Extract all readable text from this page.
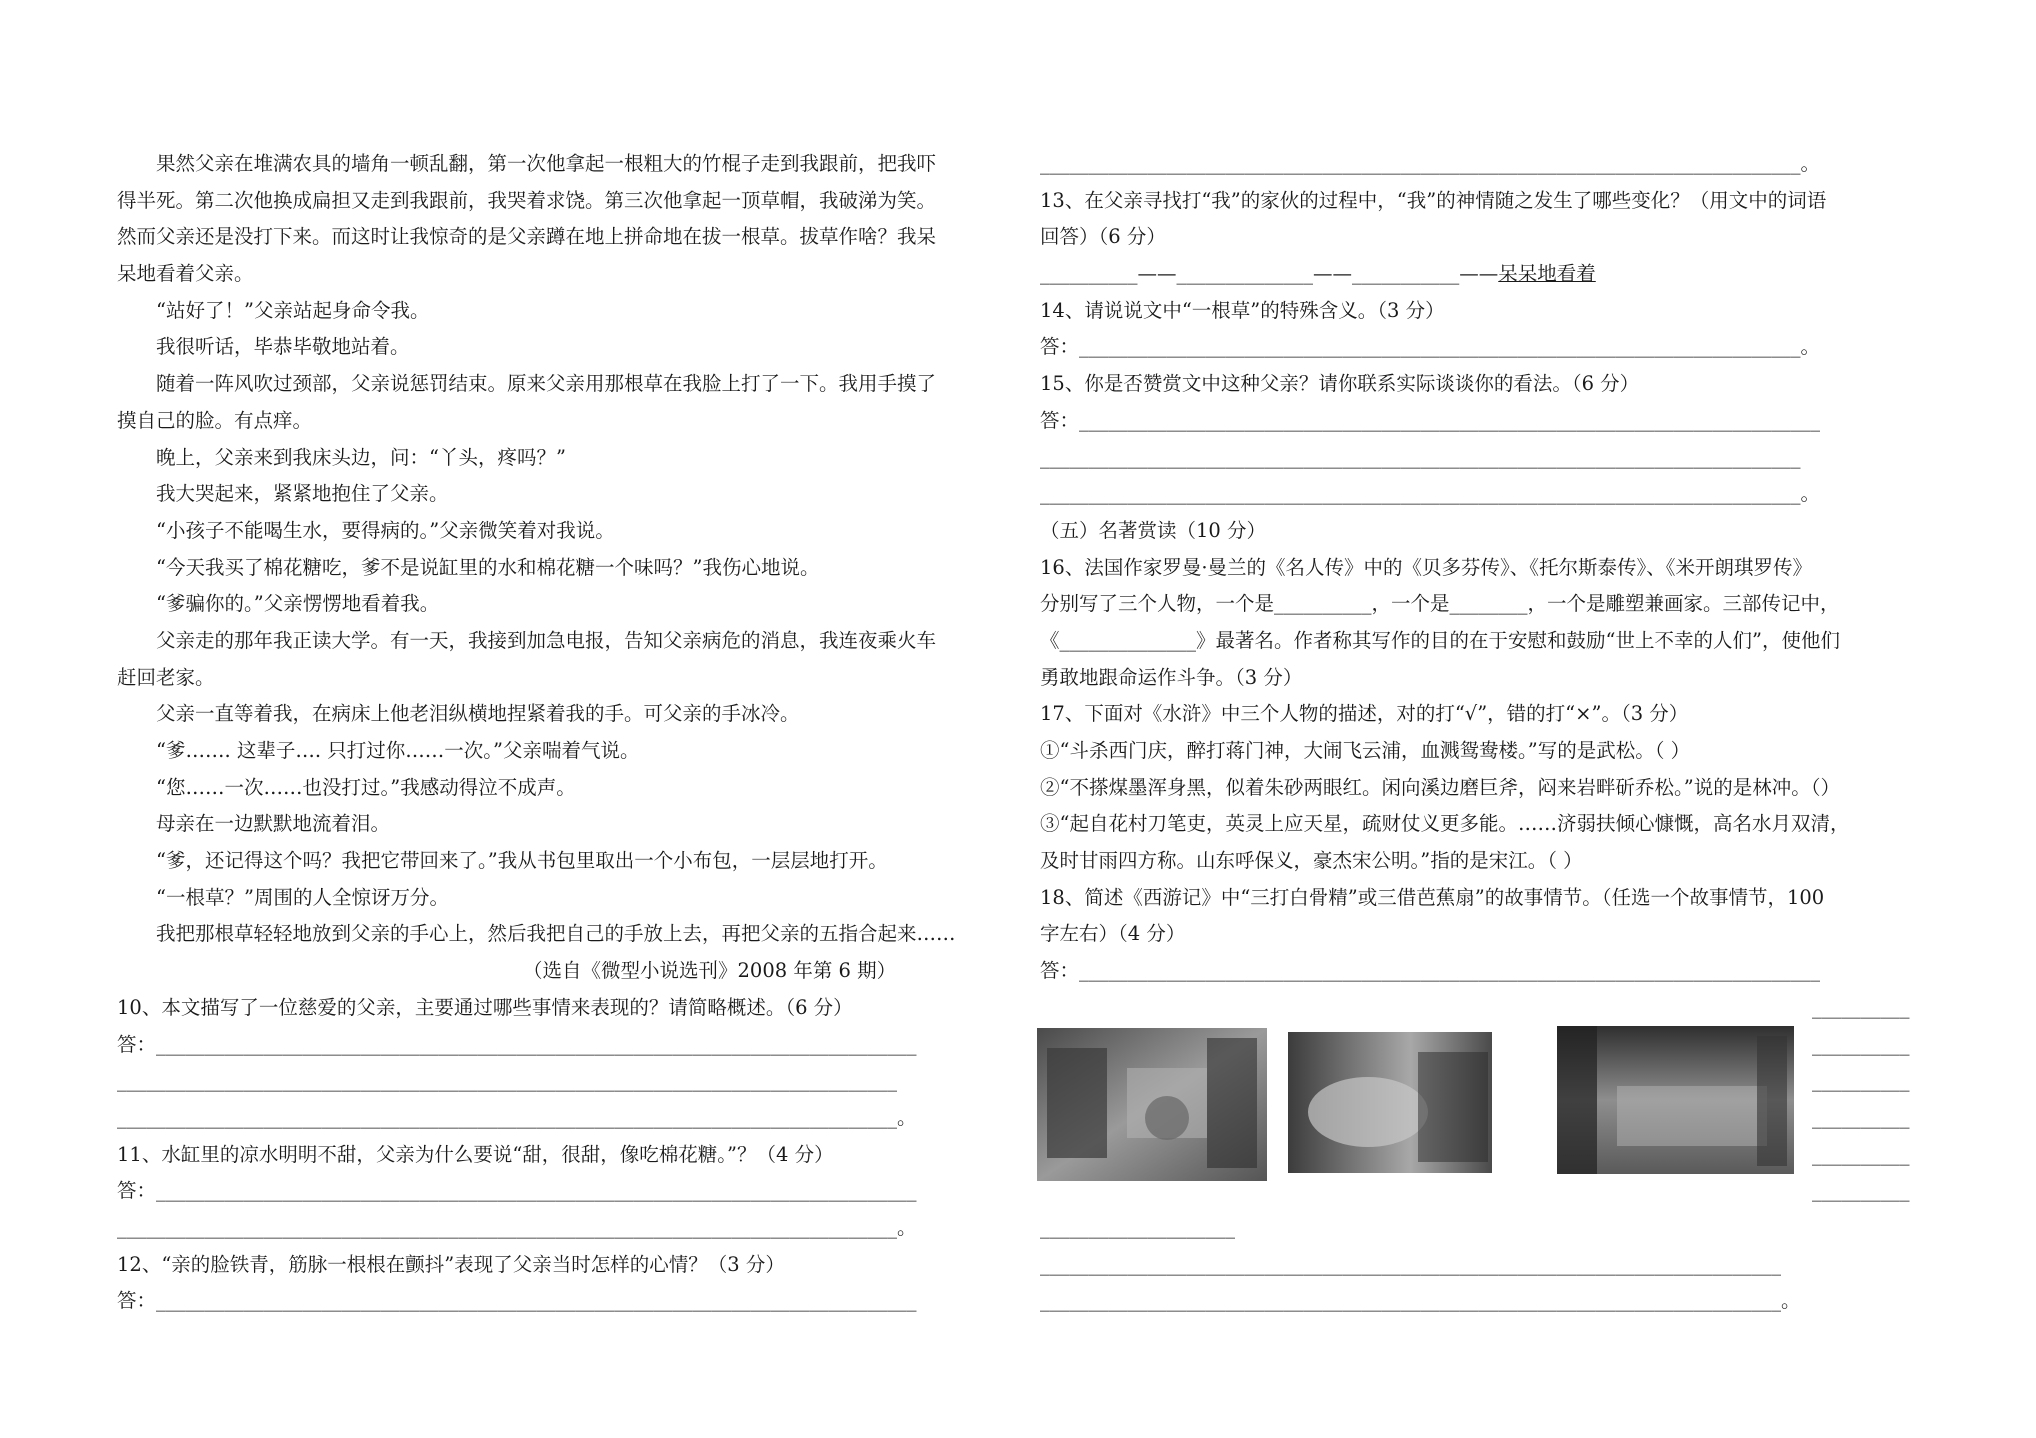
果然父亲在堆满农具的墙角一顿乱翻，第一次他拿起一根粗大的竹棍子走到我跟前，把我吓
得半死。第二次他换成扁担又走到我跟前，我哭着求饶。第三次他拿起一顶草帽，我破涕为笑。
然而父亲还是没打下来。而这时让我惊奇的是父亲蹲在地上拼命地在拔一根草。拔草作啥？我呆
呆地看着父亲。
“站好了！”父亲站起身命令我。
我很听话，毕恭毕敬地站着。
随着一阵风吹过颈部，父亲说惩罚结束。原来父亲用那根草在我脸上打了一下。我用手摸了
摸自己的脸。有点痒。
晚上，父亲来到我床头边，问：“丫头，疼吗？”
我大哭起来，紧紧地抱住了父亲。
“小孩子不能喝生水，要得病的。”父亲微笑着对我说。
“今天我买了棉花糖吃，爹不是说缸里的水和棉花糖一个味吗？”我伤心地说。
“爹骗你的。”父亲愣愣地看着我。
父亲走的那年我正读大学。有一天，我接到加急电报，告知父亲病危的消息，我连夜乘火车
赶回老家。
父亲一直等着我，在病床上他老泪纵横地捏紧着我的手。可父亲的手冰冷。
“爹……. 这辈子…. 只打过你……一次。”父亲喘着气说。
“您……一次……也没打过。”我感动得泣不成声。
母亲在一边默默地流着泪。
“爹，还记得这个吗？我把它带回来了。”我从书包里取出一个小布包，一层层地打开。
“一根草？”周围的人全惊讶万分。
我把那根草轻轻地放到父亲的手心上，然后我把自己的手放上去，再把父亲的五指合起来……
（选自《微型小说选刊》2008 年第 6 期）
10、本文描写了一位慈爱的父亲，主要通过哪些事情来表现的？请简略概述。（6 分）
答：______________________________________________________________________________
________________________________________________________________________________
________________________________________________________________________________。
11、水缸里的凉水明明不甜，父亲为什么要说“甜，很甜，像吃棉花糖。”？（4 分）
答：______________________________________________________________________________
________________________________________________________________________________。
12、“亲的脸铁青，筋脉一根根在颤抖”表现了父亲当时怎样的心情？（3 分）
答：______________________________________________________________________________
______________________________________________________________________________。
13、在父亲寻找打“我”的家伙的过程中，“我”的神情随之发生了哪些变化？（用文中的词语
回答）（6 分）
__________——______________——___________——呆呆地看着
14、请说说文中“一根草”的特殊含义。（3 分）
答：__________________________________________________________________________。
15、你是否赞赏文中这种父亲？请你联系实际谈谈你的看法。（6 分）
答：____________________________________________________________________________
______________________________________________________________________________
______________________________________________________________________________。
（五）名著赏读（10 分）
16、法国作家罗曼·曼兰的《名人传》中的《贝多芬传》、《托尔斯泰传》、《米开朗琪罗传》
分别写了三个人物，一个是__________，一个是________，一个是雕塑兼画家。三部传记中，
《______________》最著名。作者称其写作的目的在于安慰和鼓励“世上不幸的人们”，使他们
勇敢地跟命运作斗争。（3 分）
17、下面对《水浒》中三个人物的描述，对的打“√”，错的打“×”。（3 分）
①“斗杀西门庆，醉打蒋门神，大闹飞云浦，血溅鸳鸯楼。”写的是武松。（ ）
②“不搽煤墨浑身黑，似着朱砂两眼红。闲向溪边磨巨斧，闷来岩畔斫乔松。”说的是林冲。（）
③“起自花村刀笔吏，英灵上应天星，疏财仗义更多能。……济弱扶倾心慷慨，高名水月双清，
及时甘雨四方称。山东呼保义，豪杰宋公明。”指的是宋江。（ ）
18、简述《西游记》中“三打白骨精”或三借芭蕉扇”的故事情节。（任选一个故事情节，100
字左右）（4 分）
答：____________________________________________________________________________
__________
__________
__________
__________
__________
__________
____________________
____________________________________________________________________________
____________________________________________________________________________。
